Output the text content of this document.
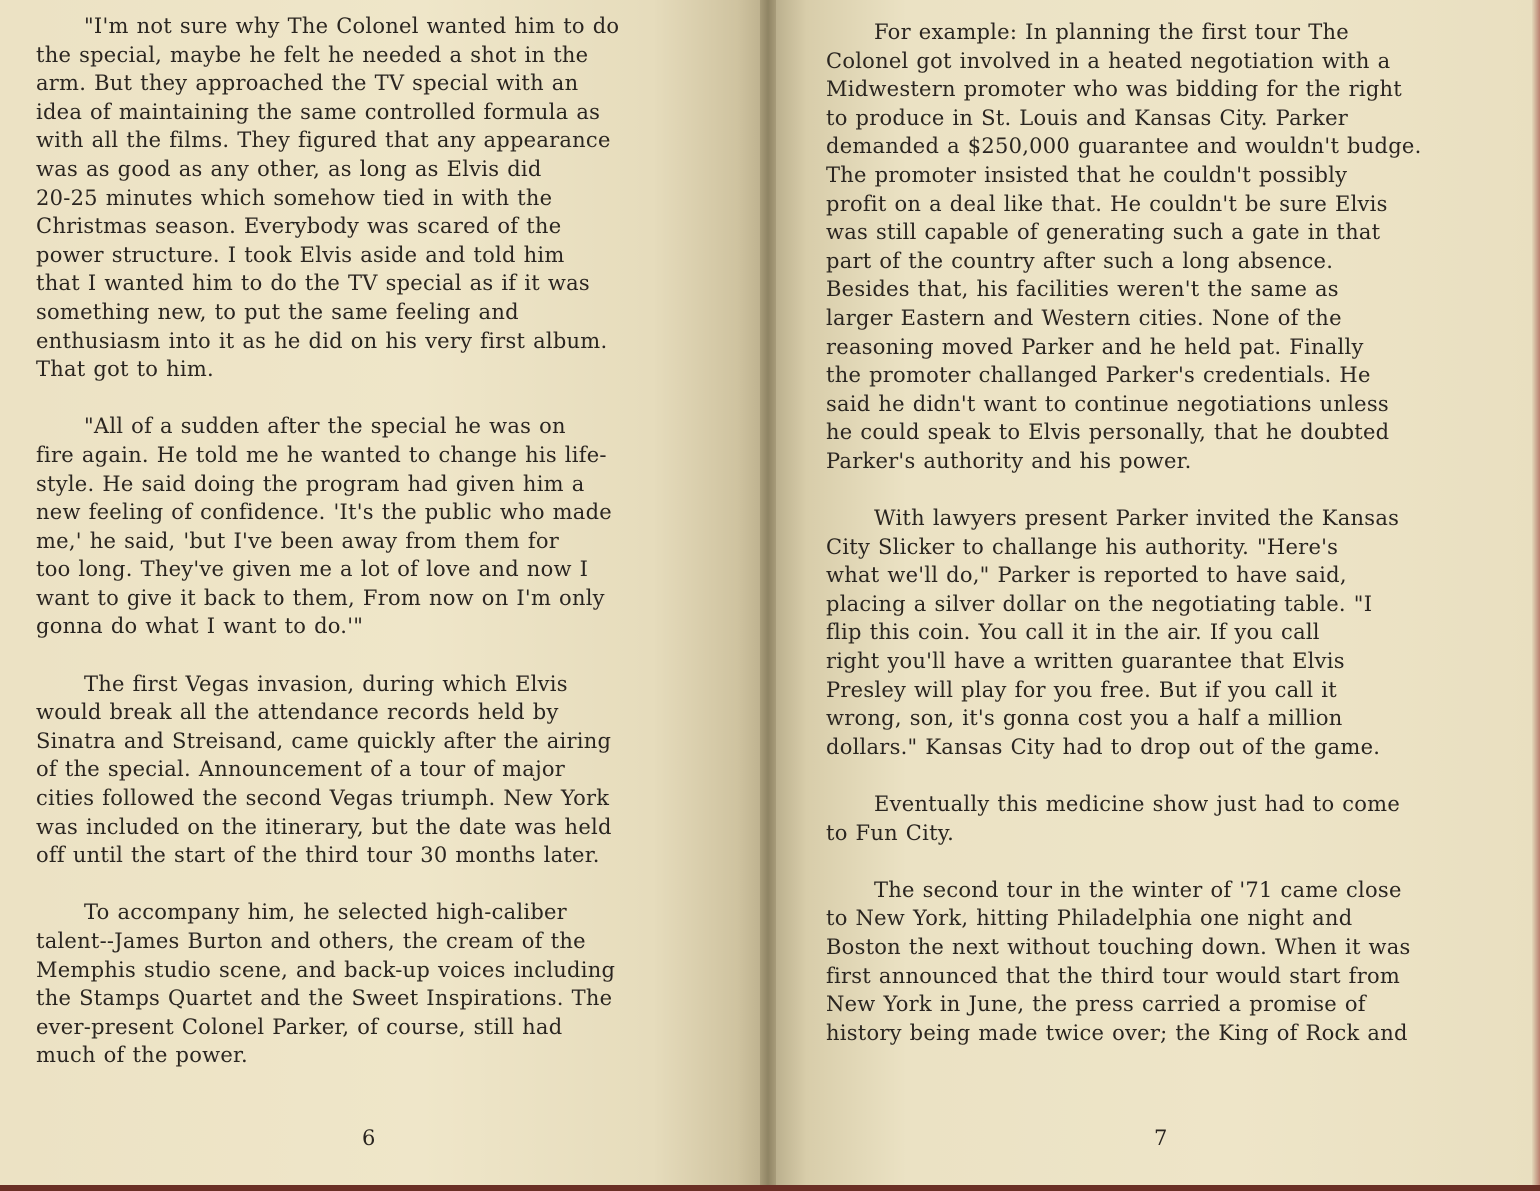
"I'm not sure why The Colonel wanted him to do
the special, maybe he felt he needed a shot in the
arm. But they approached the TV special with an
idea of maintaining the same controlled formula as
with all the films. They figured that any appearance
was as good as any other, as long as Elvis did
20-25 minutes which somehow tied in with the
Christmas season. Everybody was scared of the
power structure. I took Elvis aside and told him
that I wanted him to do the TV special as if it was
something new, to put the same feeling and
enthusiasm into it as he did on his very first album.
That got to him.

"All of a sudden after the special he was on
fire again. He told me he wanted to change his life-
style. He said doing the program had given him a
new feeling of confidence. 'It's the public who made
me,' he said, 'but I've been away from them for
too long. They've given me a lot of love and now I
want to give it back to them, From now on I'm only
gonna do what I want to do.'"

The first Vegas invasion, during which Elvis
would break all the attendance records held by
Sinatra and Streisand, came quickly after the airing
of the special. Announcement of a tour of major
cities followed the second Vegas triumph. New York
was included on the itinerary, but the date was held
off until the start of the third tour 30 months later.

To accompany him, he selected high-caliber
talent--James Burton and others, the cream of the
Memphis studio scene, and back-up voices including
the Stamps Quartet and the Sweet Inspirations. The
ever-present Colonel Parker, of course, still had
much of the power.

6

For example: In planning the first tour The
Colonel got involved in a heated negotiation with a
Midwestern promoter who was bidding for the right
to produce in St. Louis and Kansas City. Parker
demanded a $250,000 guarantee and wouldn't budge.
The promoter insisted that he couldn't possibly
profit on a deal like that. He couldn't be sure Elvis
was still capable of generating such a gate in that
part of the country after such a long absence.
Besides that, his facilities weren't the same as
larger Eastern and Western cities. None of the
reasoning moved Parker and he held pat. Finally
the promoter challanged Parker's credentials. He
said he didn't want to continue negotiations unless
he could speak to Elvis personally, that he doubted
Parker's authority and his power.

With lawyers present Parker invited the Kansas
City Slicker to challange his authority. "Here's
what we'll do," Parker is reported to have said,
placing a silver dollar on the negotiating table. "I
flip this coin. You call it in the air. If you call
right you'll have a written guarantee that Elvis
Presley will play for you free. But if you call it
wrong, son, it's gonna cost you a half a million
dollars." Kansas City had to drop out of the game.

Eventually this medicine show just had to come
to Fun City.

The second tour in the winter of '71 came close
to New York, hitting Philadelphia one night and
Boston the next without touching down. When it was
first announced that the third tour would start from
New York in June, the press carried a promise of
history being made twice over; the King of Rock and

7
